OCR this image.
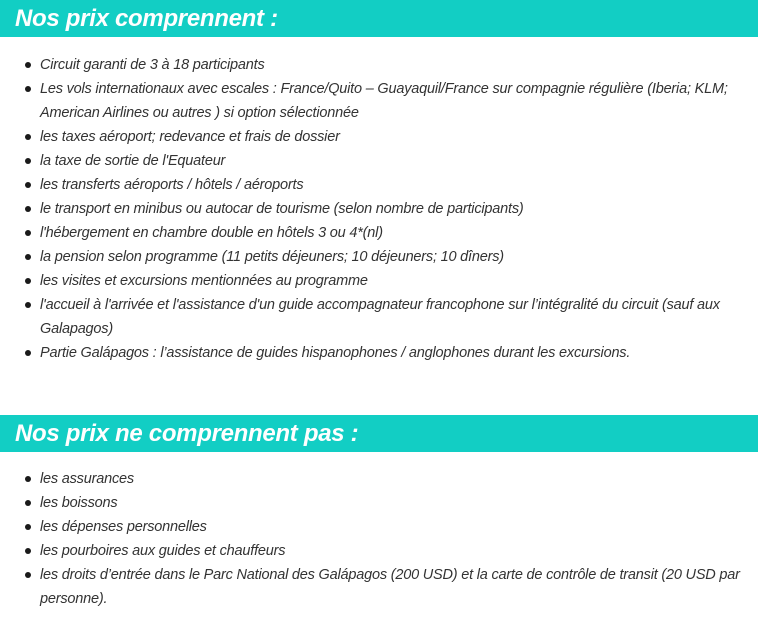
Nos prix comprennent :
Circuit garanti de 3 à 18 participants
Les vols internationaux avec escales : France/Quito – Guayaquil/France sur compagnie régulière (Iberia; KLM; American Airlines ou autres ) si option sélectionnée
les taxes aéroport; redevance et frais de dossier
la taxe de sortie de l'Equateur
les transferts aéroports / hôtels / aéroports
le transport en minibus ou autocar de tourisme (selon nombre de participants)
l'hébergement en chambre double en hôtels 3 ou 4*(nl)
la pension selon programme (11 petits déjeuners; 10 déjeuners; 10 dîners)
les visites et excursions mentionnées au programme
l'accueil à l'arrivée et l'assistance d'un guide accompagnateur francophone sur l’intégralité du circuit (sauf aux Galapagos)
Partie Galápagos : l’assistance de guides hispanophones / anglophones durant les excursions.
Nos prix ne comprennent pas :
les assurances
les boissons
les dépenses personnelles
les pourboires aux guides et chauffeurs
les droits d’entrée dans le Parc National des Galápagos (200 USD) et la carte de contrôle de transit (20 USD par personne).
